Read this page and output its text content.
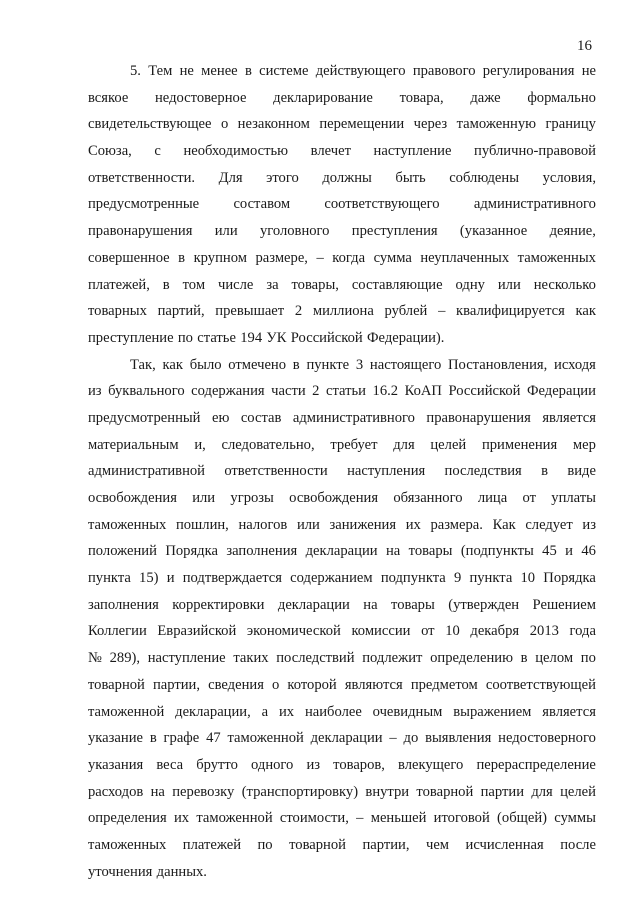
16
5. Тем не менее в системе действующего правового регулирования не
всякое недостоверное декларирование товара, даже формально
свидетельствующее о незаконном перемещении через таможенную границу
Союза, с необходимостью влечет наступление публично-правовой
ответственности. Для этого должны быть соблюдены условия,
предусмотренные составом соответствующего административного
правонарушения или уголовного преступления (указанное деяние,
совершенное в крупном размере, – когда сумма неуплаченных таможенных
платежей, в том числе за товары, составляющие одну или несколько
товарных партий, превышает 2 миллиона рублей – квалифицируется как
преступление по статье 194 УК Российской Федерации).
Так, как было отмечено в пункте 3 настоящего Постановления, исходя
из буквального содержания части 2 статьи 16.2 КоАП Российской Федерации
предусмотренный ею состав административного правонарушения является
материальным и, следовательно, требует для целей применения мер
административной ответственности наступления последствия в виде
освобождения или угрозы освобождения обязанного лица от уплаты
таможенных пошлин, налогов или занижения их размера. Как следует из
положений Порядка заполнения декларации на товары (подпункты 45 и 46
пункта 15) и подтверждается содержанием подпункта 9 пункта 10 Порядка
заполнения корректировки декларации на товары (утвержден Решением
Коллегии Евразийской экономической комиссии от 10 декабря 2013 года
№ 289), наступление таких последствий подлежит определению в целом по
товарной партии, сведения о которой являются предметом соответствующей
таможенной декларации, а их наиболее очевидным выражением является
указание в графе 47 таможенной декларации – до выявления недостоверного
указания веса брутто одного из товаров, влекущего перераспределение
расходов на перевозку (транспортировку) внутри товарной партии для целей
определения их таможенной стоимости, – меньшей итоговой (общей) суммы
таможенных платежей по товарной партии, чем исчисленная после
уточнения данных.
